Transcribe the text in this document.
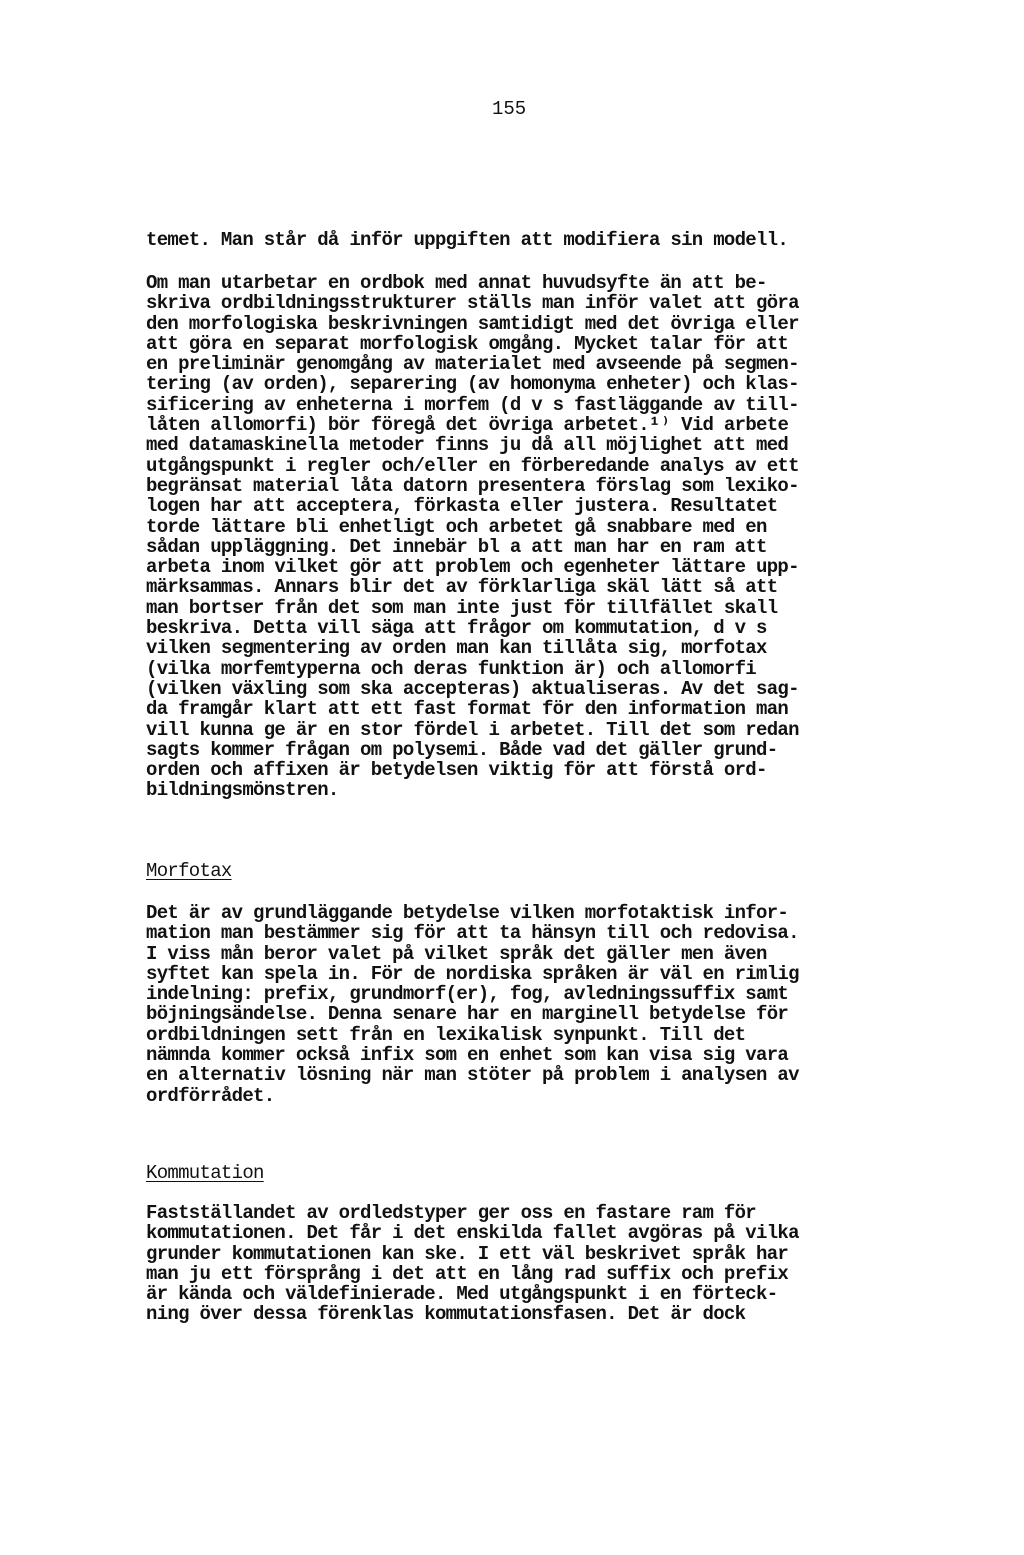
155
temet. Man står då inför uppgiften att modifiera sin modell.
Om man utarbetar en ordbok med annat huvudsyfte än att be-
skriva ordbildningsstrukturer ställs man inför valet att göra
den morfologiska beskrivningen samtidigt med det övriga eller
att göra en separat morfologisk omgång. Mycket talar för att
en preliminär genomgång av materialet med avseende på segmen-
tering (av orden), separering (av homonyma enheter) och klas-
sificering av enheterna i morfem (d v s fastläggande av till-
låten allomorfi) bör föregå det övriga arbetet.¹⁾ Vid arbete
med datamaskinella metoder finns ju då all möjlighet att med
utgångspunkt i regler och/eller en förberedande analys av ett
begränsat material låta datorn presentera förslag som lexiko-
logen har att acceptera, förkasta eller justera. Resultatet
torde lättare bli enhetligt och arbetet gå snabbare med en
sådan uppläggning. Det innebär bl a att man har en ram att
arbeta inom vilket gör att problem och egenheter lättare upp-
märksammas. Annars blir det av förklarliga skäl lätt så att
man bortser från det som man inte just för tillfället skall
beskriva. Detta vill säga att frågor om kommutation, d v s
vilken segmentering av orden man kan tillåta sig, morfotax
(vilka morfemtyperna och deras funktion är) och allomorfi
(vilken växling som ska accepteras) aktualiseras. Av det sag-
da framgår klart att ett fast format för den information man
vill kunna ge är en stor fördel i arbetet. Till det som redan
sagts kommer frågan om polysemi. Både vad det gäller grund-
orden och affixen är betydelsen viktig för att förstå ord-
bildningsmönstren.
Morfotax
Det är av grundläggande betydelse vilken morfotaktisk infor-
mation man bestämmer sig för att ta hänsyn till och redovisa.
I viss mån beror valet på vilket språk det gäller men även
syftet kan spela in. För de nordiska språken är väl en rimlig
indelning: prefix, grundmorf(er), fog, avledningssuffix samt
böjningsändelse. Denna senare har en marginell betydelse för
ordbildningen sett från en lexikalisk synpunkt. Till det
nämnda kommer också infix som en enhet som kan visa sig vara
en alternativ lösning när man stöter på problem i analysen av
ordförrådet.
Kommutation
Fastställandet av ordledstyper ger oss en fastare ram för
kommutationen. Det får i det enskilda fallet avgöras på vilka
grunder kommutationen kan ske. I ett väl beskrivet språk har
man ju ett försprång i det att en lång rad suffix och prefix
är kända och väldefinierade. Med utgångspunkt i en förteck-
ning över dessa förenklas kommutationsfasen. Det är dock
